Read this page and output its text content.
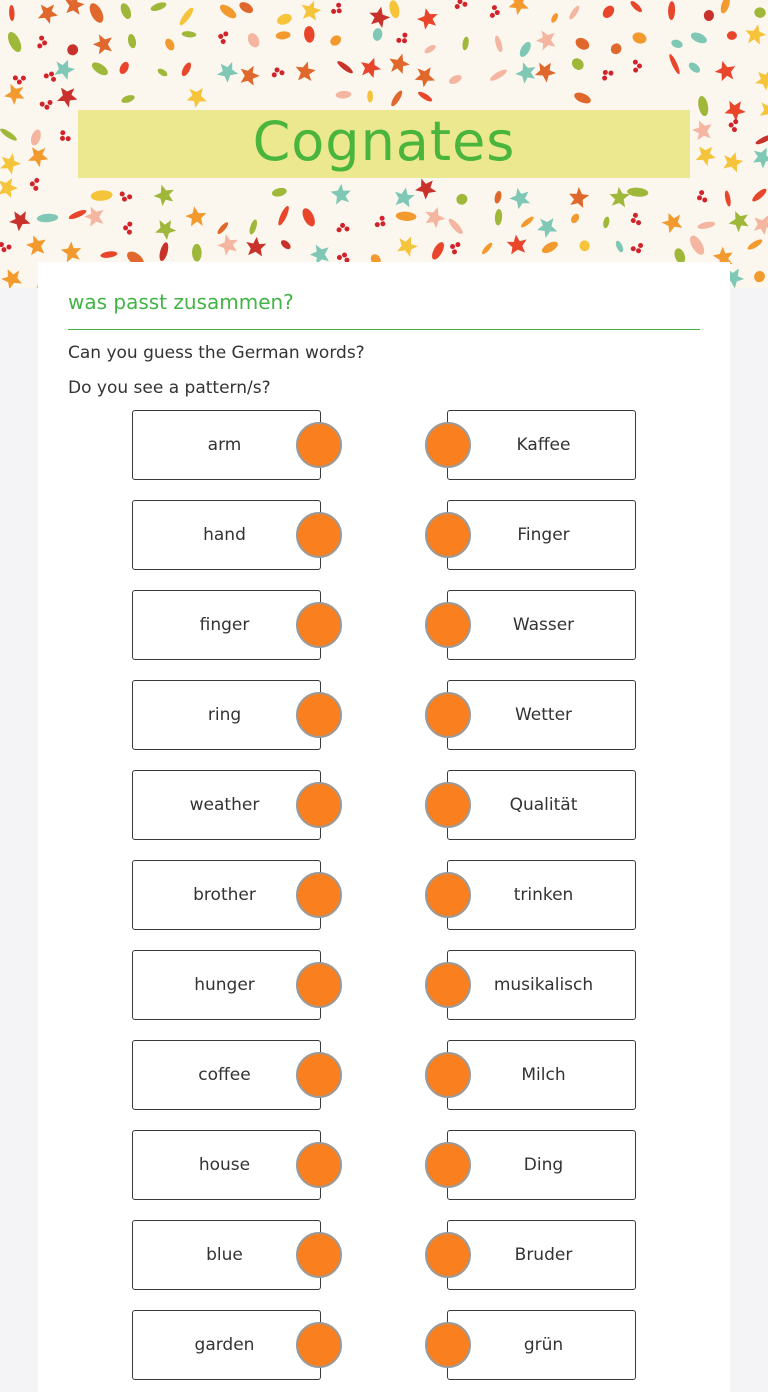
Cognates
was passt zusammen?
Can you guess the German words?
Do you see a pattern/s?
arm	Kaffee
hand	Finger
finger	Wasser
ring	Wetter
weather	Qualität
brother	trinken
hunger	musikalisch
coffee	Milch
house	Ding
blue	Bruder
garden	grün
